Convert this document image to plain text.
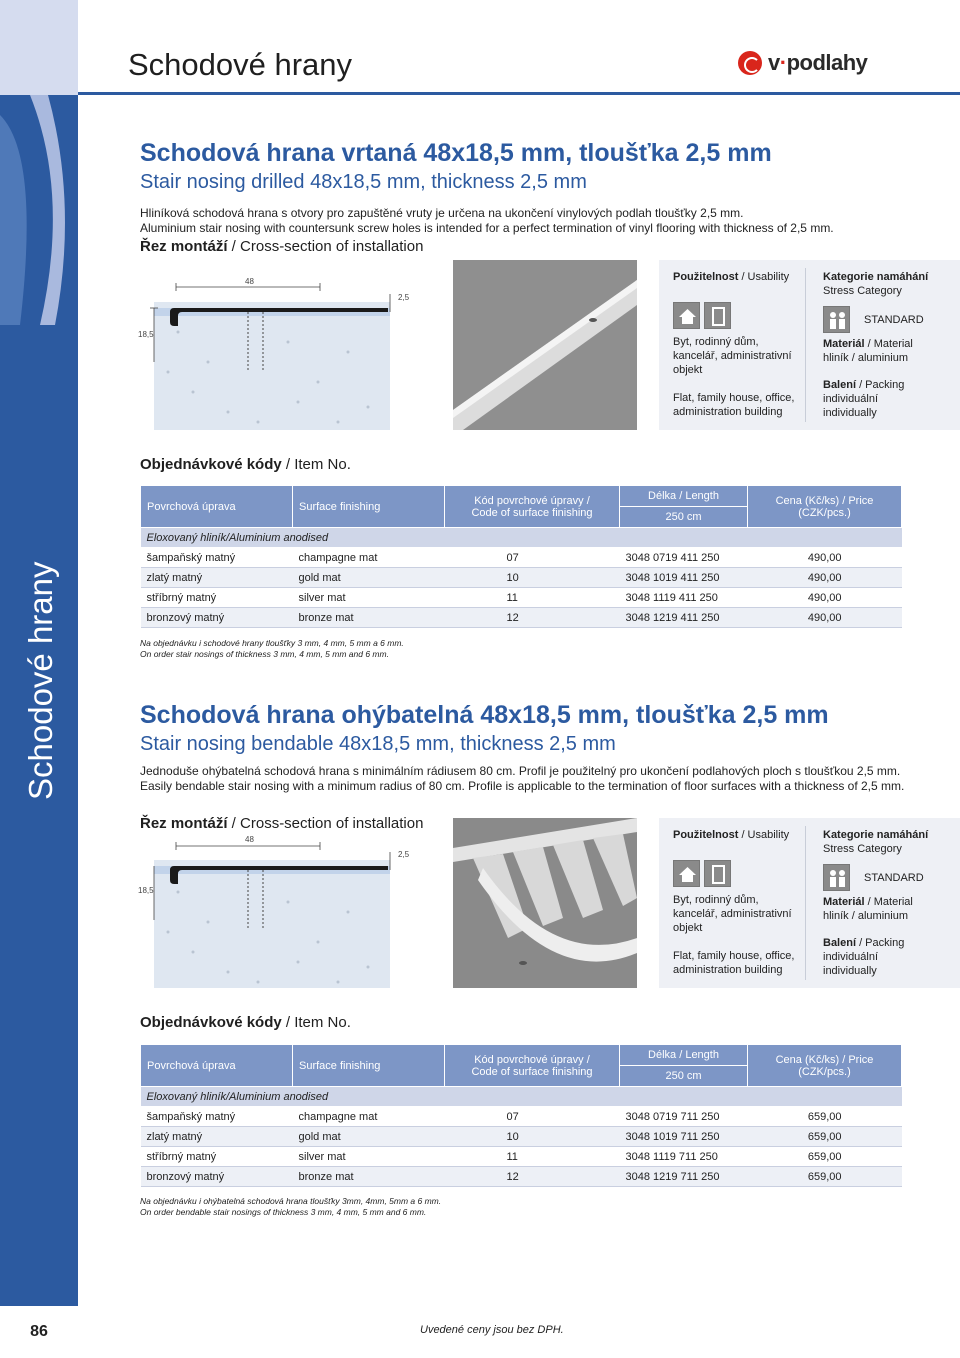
Schodové hrany
86
Schodové hrany	v·podlahy
Schodová hrana vrtaná 48x18,5 mm, tloušťka 2,5 mm
Stair nosing drilled 48x18,5 mm, thickness 2,5 mm
Hliníková schodová hrana s otvory pro zapuštěné vruty je určena na ukončení vinylových podlah tloušťky 2,5 mm.
Aluminium stair nosing with countersunk screw holes is intended for a perfect termination of vinyl flooring with thickness of 2,5 mm.
Řez montáží / Cross-section of installation
48
18,5
2,5
Použitelnost / Usability
Byt, rodinný dům, kancelář, administrativní objekt
Flat, family house, office, administration building
Kategorie namáhání
Stress Category
STANDARD
Materiál / Material
hliník / aluminium
Balení / Packing
individuální
individually
Objednávkové kódy / Item No.
Povrchová úprava	Surface finishing	Kód povrchové úpravy /
Code of surface finishing	Délka / Length	Cena (Kč/ks) / Price (CZK/pcs.)
			250 cm	
Eloxovaný hliník/Aluminium anodised				
šampaňský matný	champagne mat	07	3048 0719 411 250	490,00
zlatý matný	gold mat	10	3048 1019 411 250	490,00
stříbrný matný	silver mat	11	3048 1119 411 250	490,00
bronzový matný	bronze mat	12	3048 1219 411 250	490,00
Na objednávku i schodové hrany tloušťky 3 mm, 4 mm, 5 mm a 6 mm.
On order stair nosings of thickness 3 mm, 4 mm, 5 mm and 6 mm.
Schodová hrana ohýbatelná 48x18,5 mm, tloušťka 2,5 mm
Stair nosing bendable 48x18,5 mm, thickness 2,5 mm
Jednoduše ohýbatelná schodová hrana s minimálním rádiusem 80 cm. Profil je použitelný pro ukončení podlahových ploch s tloušťkou 2,5 mm.
Easily bendable stair nosing with a minimum radius of 80 cm. Profile is applicable to the termination of floor surfaces with a thickness of 2,5 mm.
Řez montáží / Cross-section of installation
48
18,5
2,5
Použitelnost / Usability
Byt, rodinný dům, kancelář, administrativní objekt
Flat, family house, office, administration building
Kategorie namáhání
Stress Category
STANDARD
Materiál / Material
hliník / aluminium
Balení / Packing
individuální
individually
Objednávkové kódy / Item No.
Povrchová úprava	Surface finishing	Kód povrchové úpravy /
Code of surface finishing	Délka / Length	Cena (Kč/ks) / Price (CZK/pcs.)
			250 cm	
Eloxovaný hliník/Aluminium anodised				
šampaňský matný	champagne mat	07	3048 0719 711 250	659,00
zlatý matný	gold mat	10	3048 1019 711 250	659,00
stříbrný matný	silver mat	11	3048 1119 711 250	659,00
bronzový matný	bronze mat	12	3048 1219 711 250	659,00
Na objednávku i ohýbatelná schodová hrana tloušťky 3mm, 4mm, 5mm a 6 mm.
On order bendable stair nosings of thickness 3 mm, 4 mm, 5 mm and 6 mm.
Uvedené ceny jsou bez DPH.
